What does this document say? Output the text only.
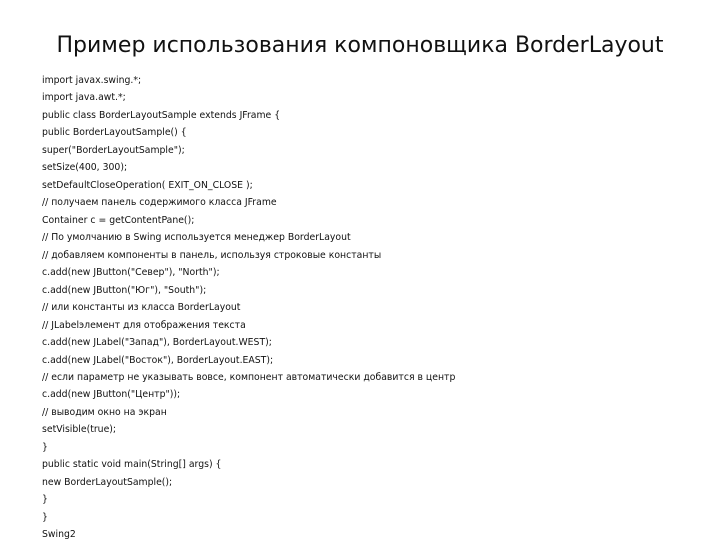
Пример использования компоновщика BorderLayout
import javax.swing.*;
import java.awt.*;
public class BorderLayoutSample extends JFrame {
public BorderLayoutSample() {
super("BorderLayoutSample");
setSize(400, 300);
setDefaultCloseOperation( EXIT_ON_CLOSE );
// получаем панель содержимого класса JFrame
Container c = getContentPane();
// По умолчанию в Swing используется менеджер BorderLayout
// добавляем компоненты в панель, используя строковые константы
c.add(new JButton("Север"), "North");
c.add(new JButton("Юг"), "South");
// или константы из класса BorderLayout
// JLabelэлемент для отображения текста
c.add(new JLabel("Запад"), BorderLayout.WEST);
c.add(new JLabel("Восток"), BorderLayout.EAST);
// если параметр не указывать вовсе, компонент автоматически добавится в центр
c.add(new JButton("Центр"));
// выводим окно на экран
setVisible(true);
}
public static void main(String[] args) {
new BorderLayoutSample();
}
}
Swing2
